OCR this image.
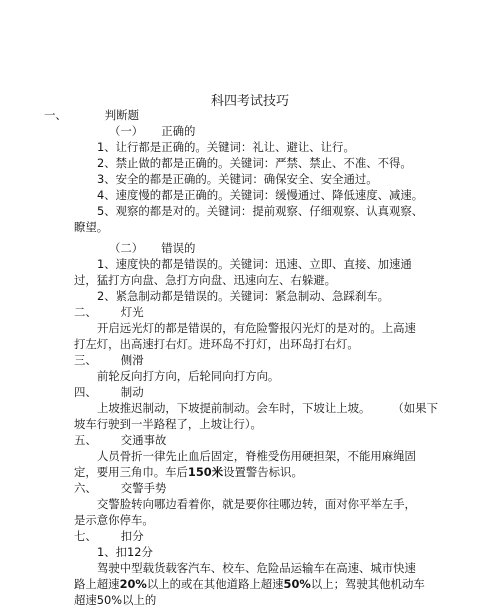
科四考试技巧
一、	判断题
（一） 正确的
1、让行都是正确的。关键词：礼让、避让、让行。
2、禁止做的都是正确的。关键词：严禁、禁止、不准、不得。
3、安全的都是正确的。关键词：确保安全、安全通过。
4、速度慢的都是正确的。关键词：缓慢通过、降低速度、减速。
5、观察的都是对的。关键词：提前观察、仔细观察、认真观察、
瞭望。
（二） 错误的
1、速度快的都是错误的。关键词：迅速、立即、直接、加速通
过，猛打方向盘、急打方向盘、迅速向左、右躲避。
2、紧急制动都是错误的。关键词：紧急制动、急踩刹车。
二、 灯光
开启远光灯的都是错误的，有危险警报闪光灯的是对的。上高速
打左灯，出高速打右灯。进环岛不打灯，出环岛打右灯。
三、 侧滑
前轮反向打方向，后轮同向打方向。
四、 制动
上坡推迟制动，下坡提前制动。会车时，下坡让上坡。 （如果下
坡车行驶到一半路程了，上坡让行）。
五、 交通事故
人员骨折一律先止血后固定，脊椎受伤用硬担架，不能用麻绳固
定，要用三角巾。车后150米设置警告标识。
六、 交警手势
交警脸转向哪边看着你，就是要你往哪边转，面对你平举左手，
是示意你停车。
七、 扣分
1、扣12分
驾驶中型载货载客汽车、校车、危险品运输车在高速、城市快速
路上超速20%以上的或在其他道路上超速50%以上；驾驶其他机动车
超速50%以上的
